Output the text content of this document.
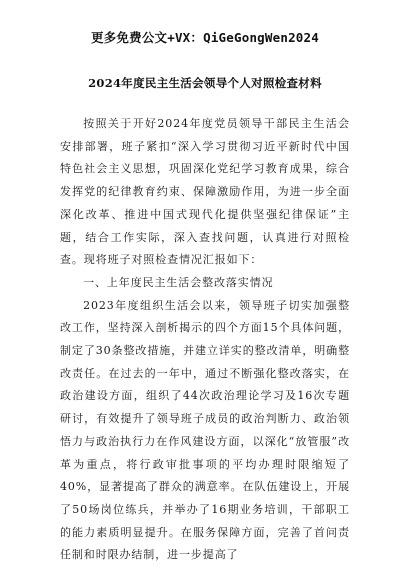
更多免费公文+VX：QiGeGongWen2024
2024年度民主生活会领导个人对照检查材料

按照关于开好2024年度党员领导干部民主生活会安排部署，班子紧扣“深入学习贯彻习近平新时代中国特色社会主义思想，巩固深化党纪学习教育成果，综合发挥党的纪律教育约束、保障激励作用，为进一步全面深化改革、推进中国式现代化提供坚强纪律保证”主题，结合工作实际，深入查找问题，认真进行对照检查。现将班子对照检查情况汇报如下：

一、上年度民主生活会整改落实情况

2023年度组织生活会以来，领导班子切实加强整改工作，坚持深入剖析揭示的四个方面15个具体问题，制定了30条整改措施，并建立详实的整改清单，明确整改责任。在过去的一年中，通过不断强化整改落实，在政治建设方面，组织了44次政治理论学习及16次专题研讨，有效提升了领导班子成员的政治判断力、政治领悟力与政治执行力在作风建设方面，以深化“放管服”改革为重点，将行政审批事项的平均办理时限缩短了40%，显著提高了群众的满意率。在队伍建设上，开展了50场岗位练兵，并举办了16期业务培训，干部职工的能力素质明显提升。在服务保障方面，完善了首问责任制和时限办结制，进一步提高了
